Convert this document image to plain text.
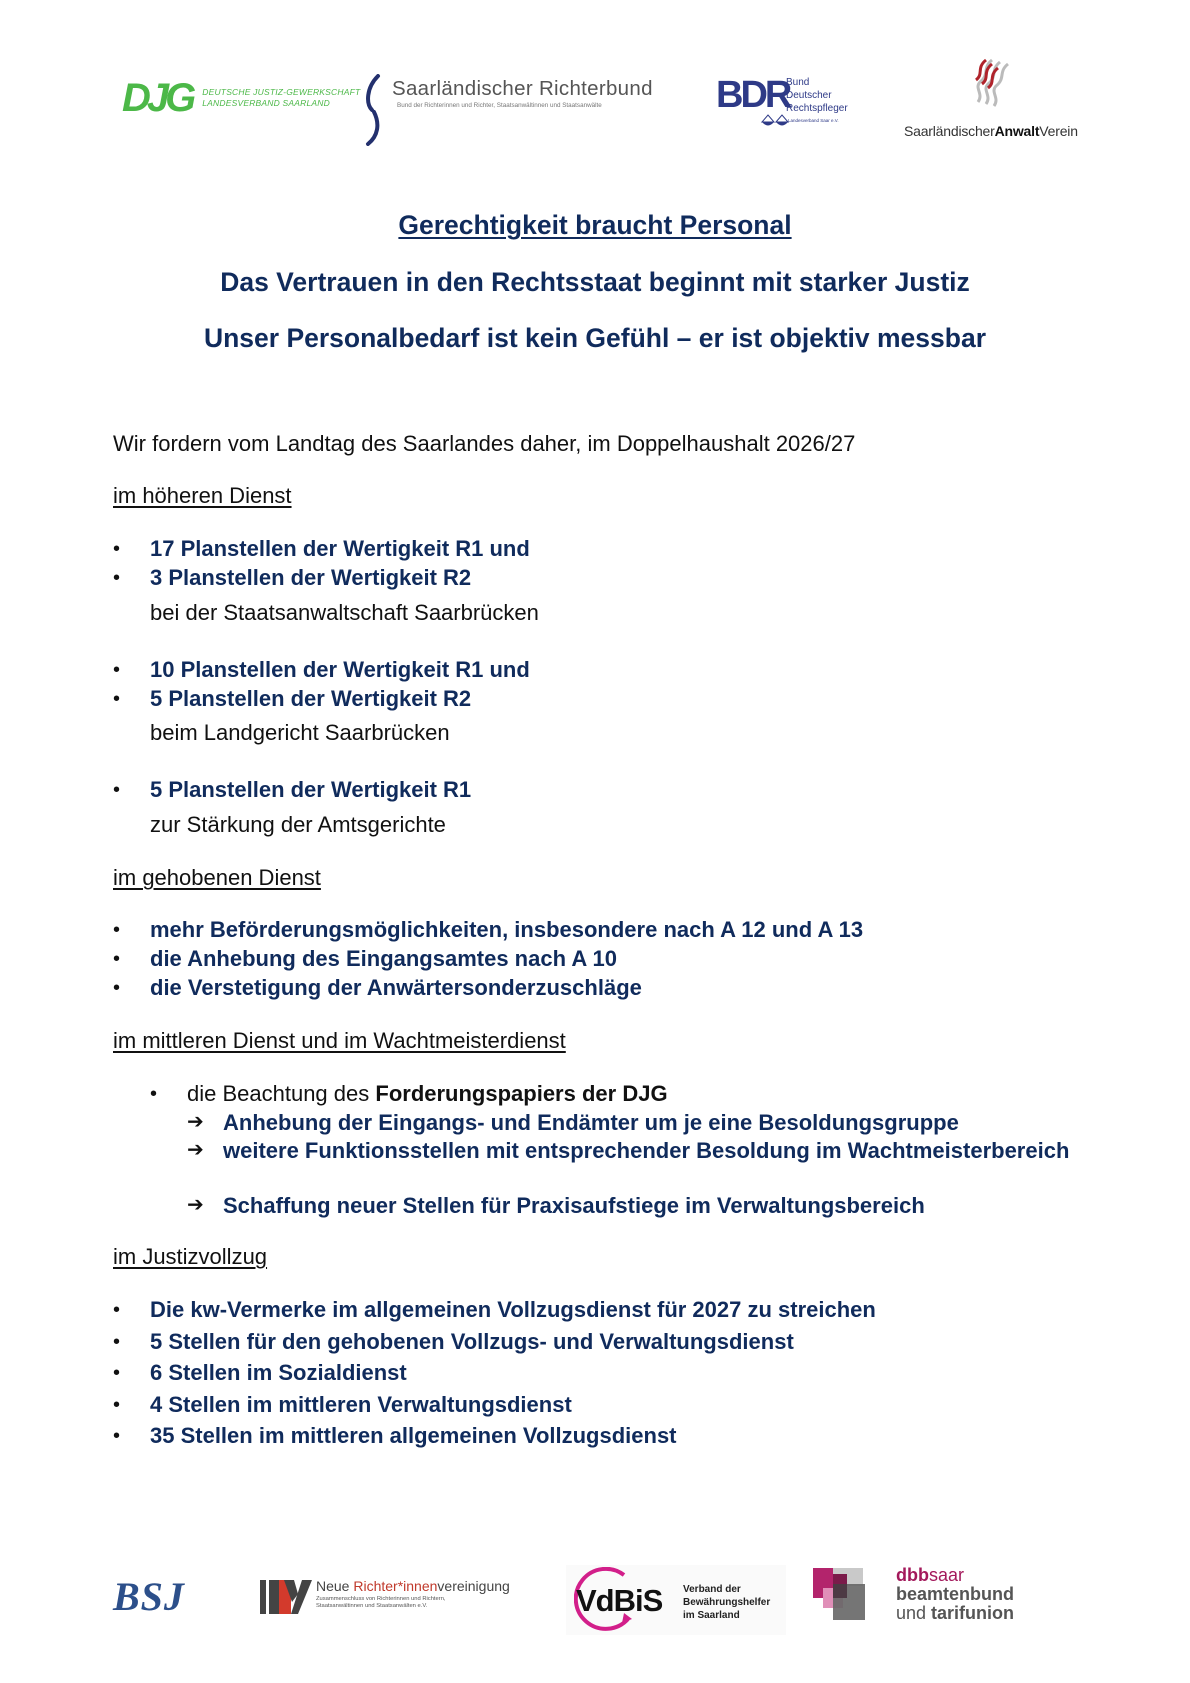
DJG DEUTSCHE JUSTIZ-GEWERKSCHAFT
LANDESVERBAND SAARLAND
Saarländischer Richterbund
Bund der Richterinnen und Richter, Staatsanwältinnen und Staatsanwälte	BDR
Bund
Deutscher
Rechtspfleger
Landesverband Saar e.V.
SaarländischerAnwaltVerein
Gerechtigkeit braucht Personal
Das Vertrauen in den Rechtsstaat beginnt mit starker Justiz
Unser Personalbedarf ist kein Gefühl – er ist objektiv messbar
Wir fordern vom Landtag des Saarlandes daher, im Doppelhaushalt 2026/27
im höheren Dienst
•	17 Planstellen der Wertigkeit R1 und
•	3 Planstellen der Wertigkeit R2
bei der Staatsanwaltschaft Saarbrücken
•	10 Planstellen der Wertigkeit R1 und
•	5 Planstellen der Wertigkeit R2
beim Landgericht Saarbrücken
•	5 Planstellen der Wertigkeit R1
zur Stärkung der Amtsgerichte
im gehobenen Dienst
•	mehr Beförderungsmöglichkeiten, insbesondere nach A 12 und A 13
•	die Anhebung des Eingangsamtes nach A 10
•	die Verstetigung der Anwärtersonderzuschläge
im mittleren Dienst und im Wachtmeisterdienst
•	die Beachtung des Forderungspapiers der DJG
➔ Anhebung der Eingangs- und Endämter um je eine Besoldungsgruppe
➔ weitere Funktionsstellen mit entsprechender Besoldung im Wachtmeisterbereich
➔ Schaffung neuer Stellen für Praxisaufstiege im Verwaltungsbereich
im Justizvollzug
•	Die kw-Vermerke im allgemeinen Vollzugsdienst für 2027 zu streichen
•	5 Stellen für den gehobenen Vollzugs- und Verwaltungsdienst
•	6 Stellen im Sozialdienst
•	4 Stellen im mittleren Verwaltungsdienst
•	35 Stellen im mittleren allgemeinen Vollzugsdienst
BSJ	Neue Richter*innenvereinigung
Zusammenschluss von Richterinnen und Richtern,
Staatsanwältinnen und Staatsanwälten e.V.	VdBiS Verband der
Bewährungshelfer
im Saarland
dbbsaar
beamtenbund
und tarifunion
